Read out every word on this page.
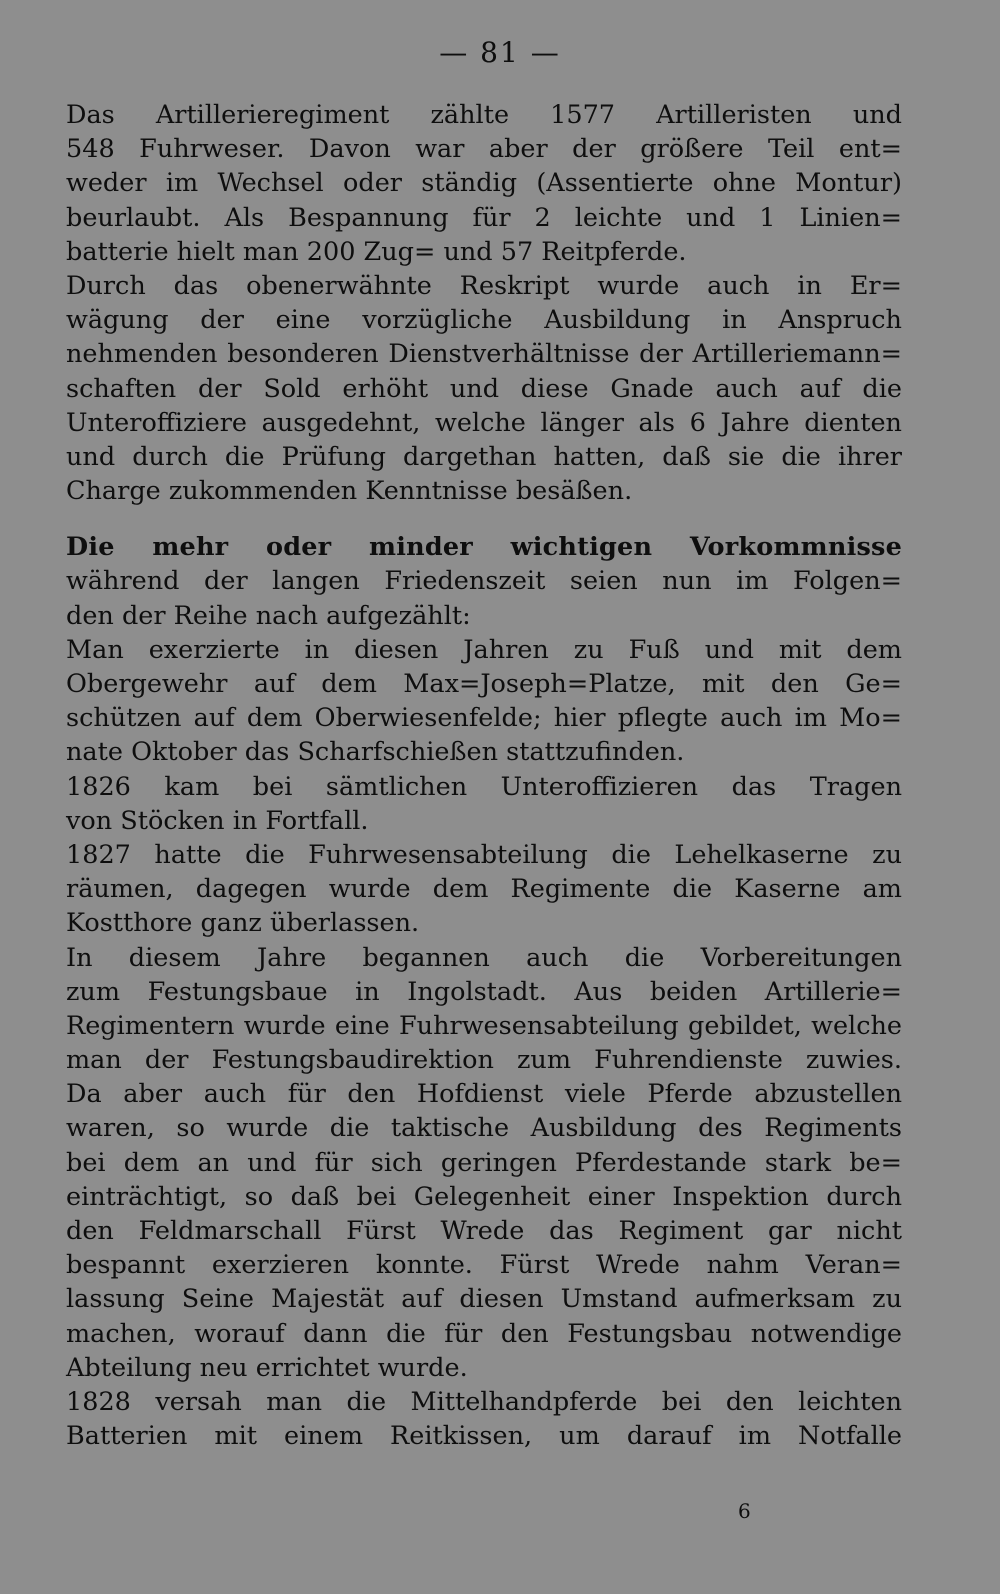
— 81 —
Das Artillerieregiment zählte 1577 Artilleristen und
548 Fuhrweser. Davon war aber der größere Teil ent=
weder im Wechsel oder ständig (Assentierte ohne Montur)
beurlaubt. Als Bespannung für 2 leichte und 1 Linien=
batterie hielt man 200 Zug= und 57 Reitpferde.
Durch das obenerwähnte Reskript wurde auch in Er=
wägung der eine vorzügliche Ausbildung in Anspruch
nehmenden besonderen Dienstverhältnisse der Artilleriemann=
schaften der Sold erhöht und diese Gnade auch auf die
Unteroffiziere ausgedehnt, welche länger als 6 Jahre dienten
und durch die Prüfung dargethan hatten, daß sie die ihrer
Charge zukommenden Kenntnisse besäßen.
Die mehr oder minder wichtigen Vorkommnisse
während der langen Friedenszeit seien nun im Folgen=
den der Reihe nach aufgezählt:
Man exerzierte in diesen Jahren zu Fuß und mit dem
Obergewehr auf dem Max=Joseph=Platze, mit den Ge=
schützen auf dem Oberwiesenfelde; hier pflegte auch im Mo=
nate Oktober das Scharfschießen stattzufinden.
1826 kam bei sämtlichen Unteroffizieren das Tragen
von Stöcken in Fortfall.
1827 hatte die Fuhrwesensabteilung die Lehelkaserne zu
räumen, dagegen wurde dem Regimente die Kaserne am
Kostthore ganz überlassen.
In diesem Jahre begannen auch die Vorbereitungen
zum Festungsbaue in Ingolstadt. Aus beiden Artillerie=
Regimentern wurde eine Fuhrwesensabteilung gebildet, welche
man der Festungsbaudirektion zum Fuhrendienste zuwies.
Da aber auch für den Hofdienst viele Pferde abzustellen
waren, so wurde die taktische Ausbildung des Regiments
bei dem an und für sich geringen Pferdestande stark be=
einträchtigt, so daß bei Gelegenheit einer Inspektion durch
den Feldmarschall Fürst Wrede das Regiment gar nicht
bespannt exerzieren konnte. Fürst Wrede nahm Veran=
lassung Seine Majestät auf diesen Umstand aufmerksam zu
machen, worauf dann die für den Festungsbau notwendige
Abteilung neu errichtet wurde.
1828 versah man die Mittelhandpferde bei den leichten
Batterien mit einem Reitkissen, um darauf im Notfalle
6
